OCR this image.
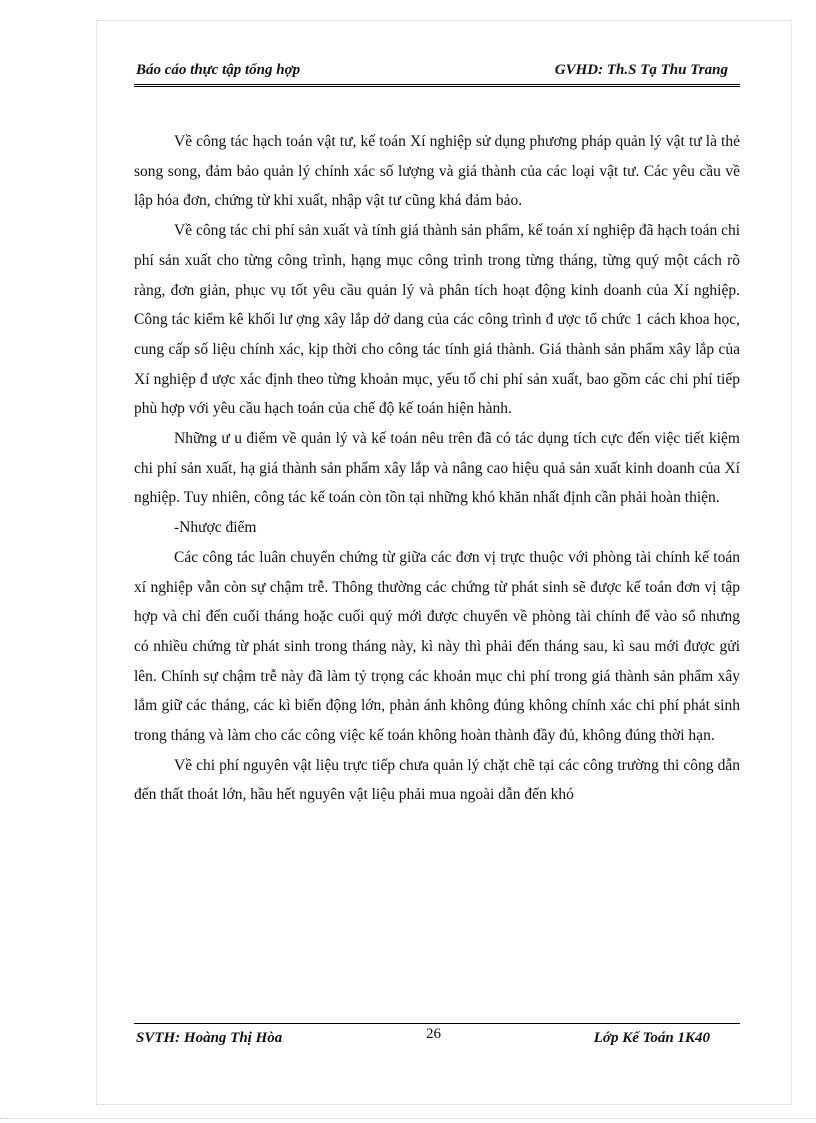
Báo cáo thực tập tổng hợp	GVHD: Th.S Tạ Thu Trang

Về công tác hạch toán vật tư, kế toán Xí nghiệp sử dụng phương pháp quản lý vật tư là thẻ song song, đảm bảo quản lý chính xác số lượng và giá thành của các loại vật tư. Các yêu cầu về lập hóa đơn, chứng từ khi xuất, nhập vật tư cũng khá đảm bảo.

Về công tác chi phí sản xuất và tính giá thành sản phẩm, kế toán xí nghiệp đã hạch toán chi phí sản xuất cho từng công trình, hạng mục công trình trong từng tháng, từng quý một cách rõ ràng, đơn giản, phục vụ tốt yêu cầu quản lý và phân tích hoạt động kinh doanh của Xí nghiệp. Công tác kiểm kê khối lư ợng xây lắp dở dang của các công trình đ ược tổ chức 1 cách khoa học, cung cấp số liệu chính xác, kịp thời cho công tác tính giá thành. Giá thành sản phẩm xây lắp của Xí nghiệp đ ược xác định theo từng khoản mục, yếu tố chi phí sản xuất, bao gồm các chi phí tiếp phù hợp với yêu cầu hạch toán của chế độ kế toán hiện hành.

Những ư u điểm về quản lý và kế toán nêu trên đã có tác dụng tích cực đến việc tiết kiệm chi phí sản xuất, hạ giá thành sản phẩm xây lắp và nâng cao hiệu quả sản xuất kinh doanh của Xí nghiệp. Tuy nhiên, công tác kế toán còn tồn tại những khó khăn nhất định cần phải hoàn thiện.

-Nhược điểm

Các công tác luân chuyển chứng từ giữa các đơn vị trực thuộc với phòng tài chính kế toán xí nghiệp vẫn còn sự chậm trễ. Thông thường các chứng từ phát sinh sẽ được kế toán đơn vị tập hợp và chỉ đến cuối tháng hoặc cuối quý mới được chuyển về phòng tài chính để vào sổ nhưng có nhiều chứng từ phát sinh trong tháng này, kì này thì phải đến tháng sau, kì sau mới được gửi lên. Chính sự chậm trễ này đã làm tỷ trọng các khoản mục chi phí trong giá thành sản phẩm xây lắm giữ các tháng, các kì biến động lớn, phản ánh không đúng không chính xác chi phí phát sinh trong tháng và làm cho các công việc kế toán không hoàn thành đầy đủ, không đúng thời hạn.

Về chi phí nguyên vật liệu trực tiếp chưa quản lý chặt chẽ tại các công trường thi công dẫn đến thất thoát lớn, hầu hết nguyên vật liệu phải mua ngoài dẫn đến khó

SVTH: Hoàng Thị Hòa	26	Lớp Kế Toán 1K40
